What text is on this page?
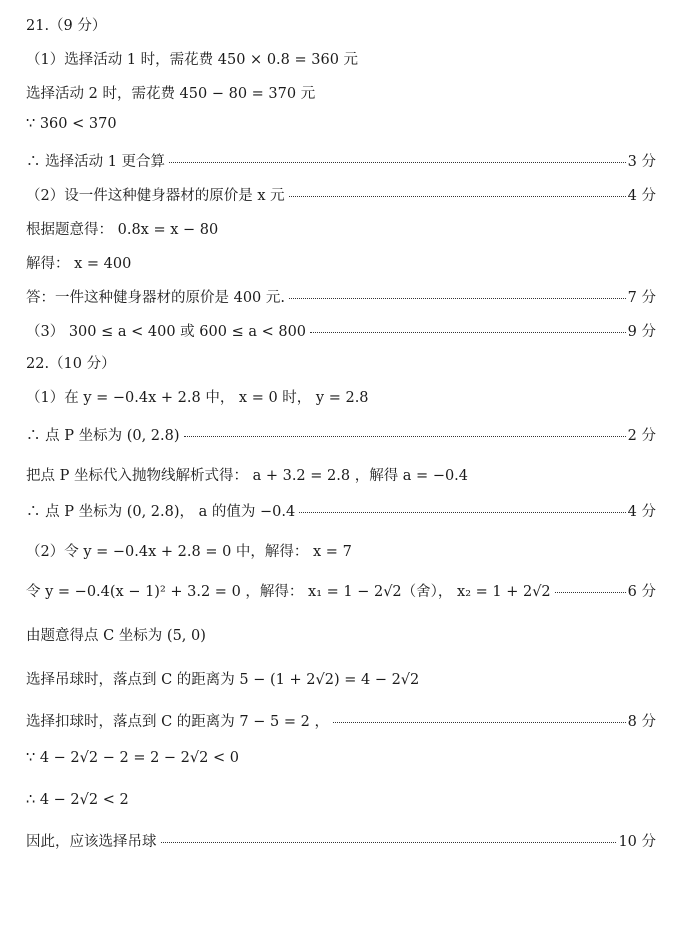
21.（9 分）
（1）选择活动 1 时，需花费 450 × 0.8 = 360 元
选择活动 2 时，需花费 450 − 80 = 370 元
∵ 360 < 370
∴ 选择活动 1 更合算	3 分
（2）设一件这种健身器材的原价是 x 元	4 分
根据题意得： 0.8x = x − 80
解得： x = 400
答：一件这种健身器材的原价是 400 元.	7 分
（3） 300 ≤ a < 400 或 600 ≤ a < 800	9 分
22.（10 分）
（1）在 y = −0.4x + 2.8 中， x = 0 时， y = 2.8
∴ 点 P 坐标为 (0, 2.8)	2 分
把点 P 坐标代入抛物线解析式得： a + 3.2 = 2.8 ，解得 a = −0.4
∴ 点 P 坐标为 (0, 2.8)， a 的值为 −0.4	4 分
（2）令 y = −0.4x + 2.8 = 0 中，解得： x = 7
令 y = −0.4(x − 1)² + 3.2 = 0 ，解得： x₁ = 1 − 2√2（舍）， x₂ = 1 + 2√2	6 分
由题意得点 C 坐标为 (5, 0)
选择吊球时，落点到 C 的距离为 5 − (1 + 2√2) = 4 − 2√2
选择扣球时，落点到 C 的距离为 7 − 5 = 2 ，	8 分
∵ 4 − 2√2 − 2 = 2 − 2√2 < 0
∴ 4 − 2√2 < 2
因此，应该选择吊球	10 分
